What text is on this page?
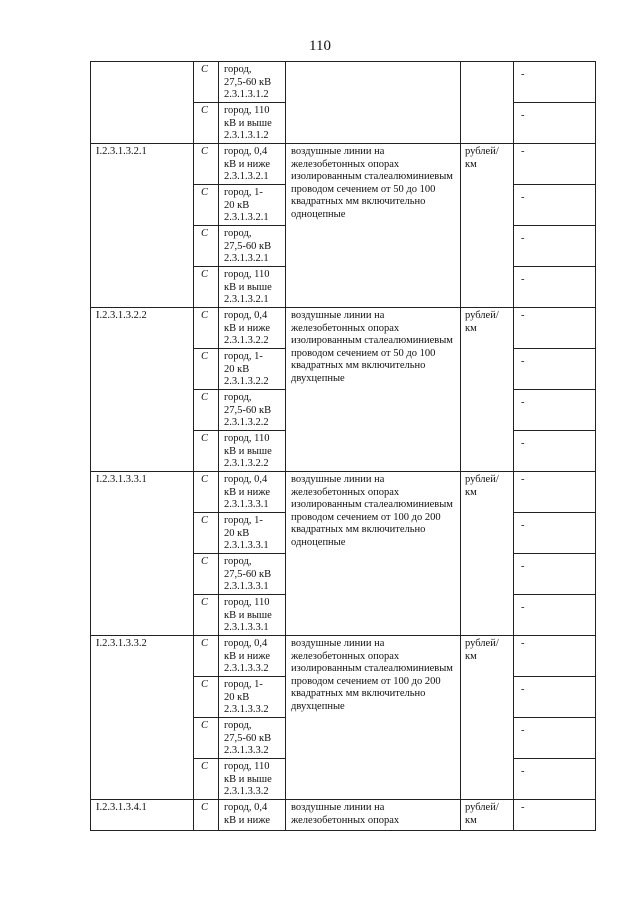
110
	С	город,
27,5-60 кВ
2.3.1.3.1.2			-
	С	город, 110
кВ и выше
2.3.1.3.1.2			-
I.2.3.1.3.2.1	С	город, 0,4
кВ и ниже
2.3.1.3.2.1	воздушные линии на железобетонных опорах изолированным сталеалюминиевым проводом сечением от 50 до 100 квадратных мм включительно одноцепные	рублей/
км	-
	С	город, 1-
20 кВ
2.3.1.3.2.1			-
	С	город,
27,5-60 кВ
2.3.1.3.2.1			-
	С	город, 110
кВ и выше
2.3.1.3.2.1			-
I.2.3.1.3.2.2	С	город, 0,4
кВ и ниже
2.3.1.3.2.2	воздушные линии на железобетонных опорах изолированным сталеалюминиевым проводом сечением от 50 до 100 квадратных мм включительно двухцепные	рублей/
км	-
	С	город, 1-
20 кВ
2.3.1.3.2.2			-
	С	город,
27,5-60 кВ
2.3.1.3.2.2			-
	С	город, 110
кВ и выше
2.3.1.3.2.2			-
I.2.3.1.3.3.1	С	город, 0,4
кВ и ниже
2.3.1.3.3.1	воздушные линии на железобетонных опорах изолированным сталеалюминиевым проводом сечением от 100 до 200 квадратных мм включительно одноцепные	рублей/
км	-
	С	город, 1-
20 кВ
2.3.1.3.3.1			-
	С	город,
27,5-60 кВ
2.3.1.3.3.1			-
	С	город, 110
кВ и выше
2.3.1.3.3.1			-
I.2.3.1.3.3.2	С	город, 0,4
кВ и ниже
2.3.1.3.3.2	воздушные линии на железобетонных опорах изолированным сталеалюминиевым проводом сечением от 100 до 200 квадратных мм включительно двухцепные	рублей/
км	-
	С	город, 1-
20 кВ
2.3.1.3.3.2			-
	С	город,
27,5-60 кВ
2.3.1.3.3.2			-
	С	город, 110
кВ и выше
2.3.1.3.3.2			-
I.2.3.1.3.4.1	С	город, 0,4
кВ и ниже	воздушные линии на железобетонных опорах	рублей/
км	-
